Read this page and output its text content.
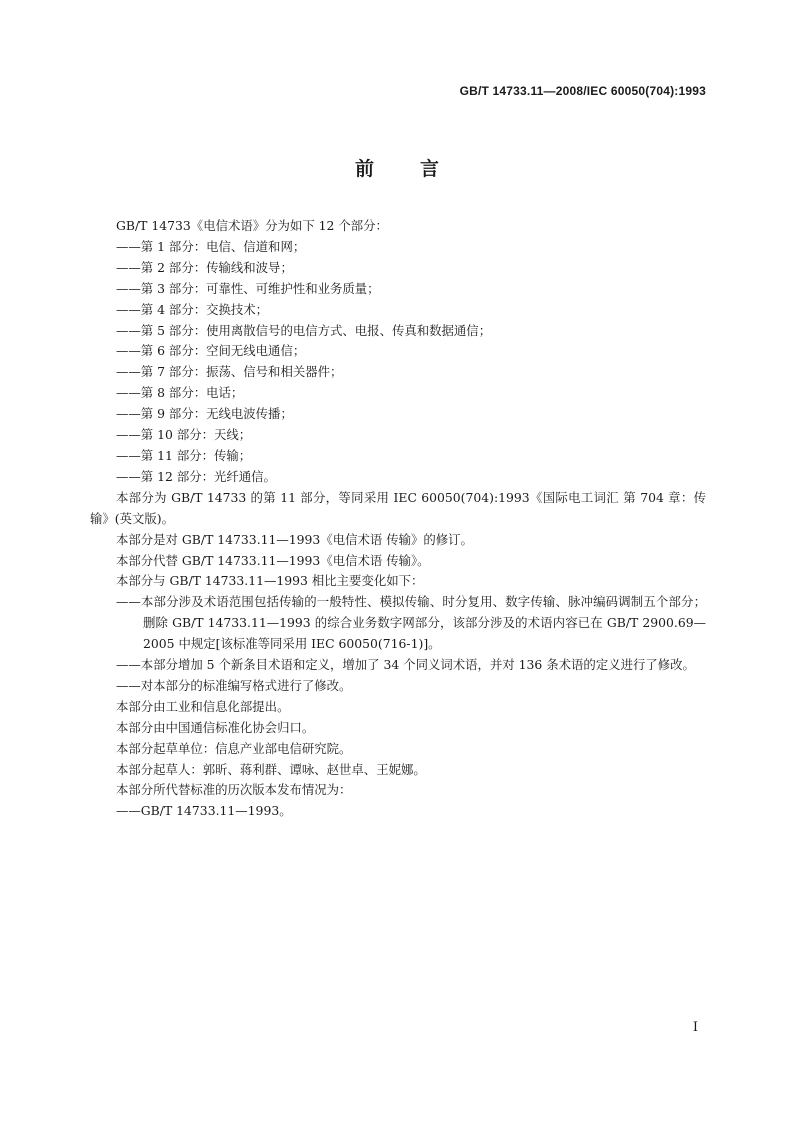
GB/T 14733.11—2008/IEC 60050(704):1993
前言
GB/T 14733《电信术语》分为如下 12 个部分：
——第 1 部分：电信、信道和网；
——第 2 部分：传输线和波导；
——第 3 部分：可靠性、可维护性和业务质量；
——第 4 部分：交换技术；
——第 5 部分：使用离散信号的电信方式、电报、传真和数据通信；
——第 6 部分：空间无线电通信；
——第 7 部分：振荡、信号和相关器件；
——第 8 部分：电话；
——第 9 部分：无线电波传播；
——第 10 部分：天线；
——第 11 部分：传输；
——第 12 部分：光纤通信。
本部分为 GB/T 14733 的第 11 部分，等同采用 IEC 60050(704):1993《国际电工词汇 第 704 章：传输》(英文版)。
本部分是对 GB/T 14733.11—1993《电信术语 传输》的修订。
本部分代替 GB/T 14733.11—1993《电信术语 传输》。
本部分与 GB/T 14733.11—1993 相比主要变化如下：
——本部分涉及术语范围包括传输的一般特性、模拟传输、时分复用、数字传输、脉冲编码调制五个部分；删除 GB/T 14733.11—1993 的综合业务数字网部分，该部分涉及的术语内容已在 GB/T 2900.69—2005 中规定[该标准等同采用 IEC 60050(716-1)]。
——本部分增加 5 个新条目术语和定义，增加了 34 个同义词术语，并对 136 条术语的定义进行了修改。
——对本部分的标准编写格式进行了修改。
本部分由工业和信息化部提出。
本部分由中国通信标准化协会归口。
本部分起草单位：信息产业部电信研究院。
本部分起草人：郭昕、蒋利群、谭咏、赵世卓、王妮娜。
本部分所代替标准的历次版本发布情况为：
——GB/T 14733.11—1993。
I
